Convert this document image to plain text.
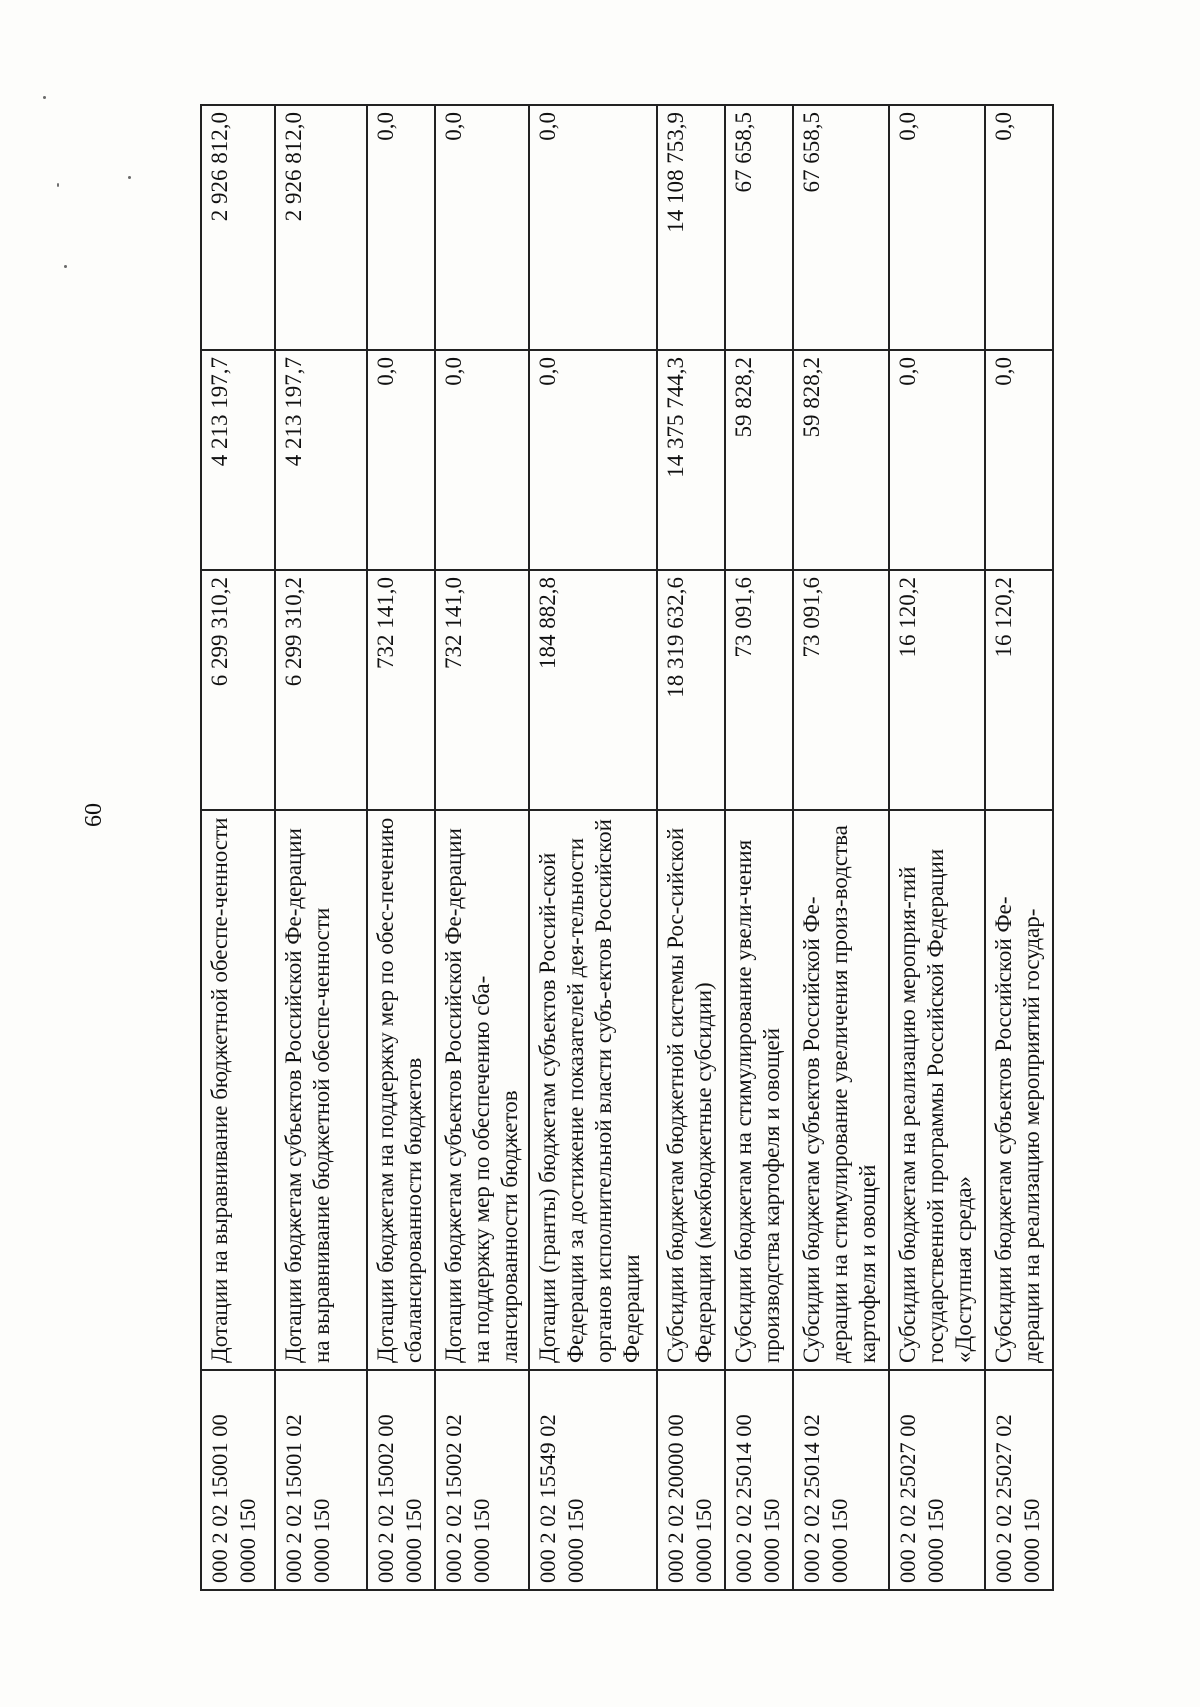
60
000 2 02 15001 00 0000 150	Дотации на выравнивание бюджетной обеспе-ченности	6 299 310,2	4 213 197,7	2 926 812,0
000 2 02 15001 02 0000 150	Дотации бюджетам субъектов Российской Фе-дерации на выравнивание бюджетной обеспе-ченности	6 299 310,2	4 213 197,7	2 926 812,0
000 2 02 15002 00 0000 150	Дотации бюджетам на поддержку мер по обес-печению сбалансированности бюджетов	732 141,0	0,0	0,0
000 2 02 15002 02 0000 150	Дотации бюджетам субъектов Российской Фе-дерации на поддержку мер по обеспечению сба-лансированности бюджетов	732 141,0	0,0	0,0
000 2 02 15549 02 0000 150	Дотации (гранты) бюджетам субъектов Россий-ской Федерации за достижение показателей дея-тельности органов исполнительной власти субъ-ектов Российской Федерации	184 882,8	0,0	0,0
000 2 02 20000 00 0000 150	Субсидии бюджетам бюджетной системы Рос-сийской Федерации (межбюджетные субсидии)	18 319 632,6	14 375 744,3	14 108 753,9
000 2 02 25014 00 0000 150	Субсидии бюджетам на стимулирование увели-чения производства картофеля и овощей	73 091,6	59 828,2	67 658,5
000 2 02 25014 02 0000 150	Субсидии бюджетам субъектов Российской Фе-дерации на стимулирование увеличения произ-водства картофеля и овощей	73 091,6	59 828,2	67 658,5
000 2 02 25027 00 0000 150	Субсидии бюджетам на реализацию мероприя-тий государственной программы Российской Федерации «Доступная среда»	16 120,2	0,0	0,0
000 2 02 25027 02 0000 150	Субсидии бюджетам субъектов Российской Фе-дерации на реализацию мероприятий государ-	16 120,2	0,0	0,0
